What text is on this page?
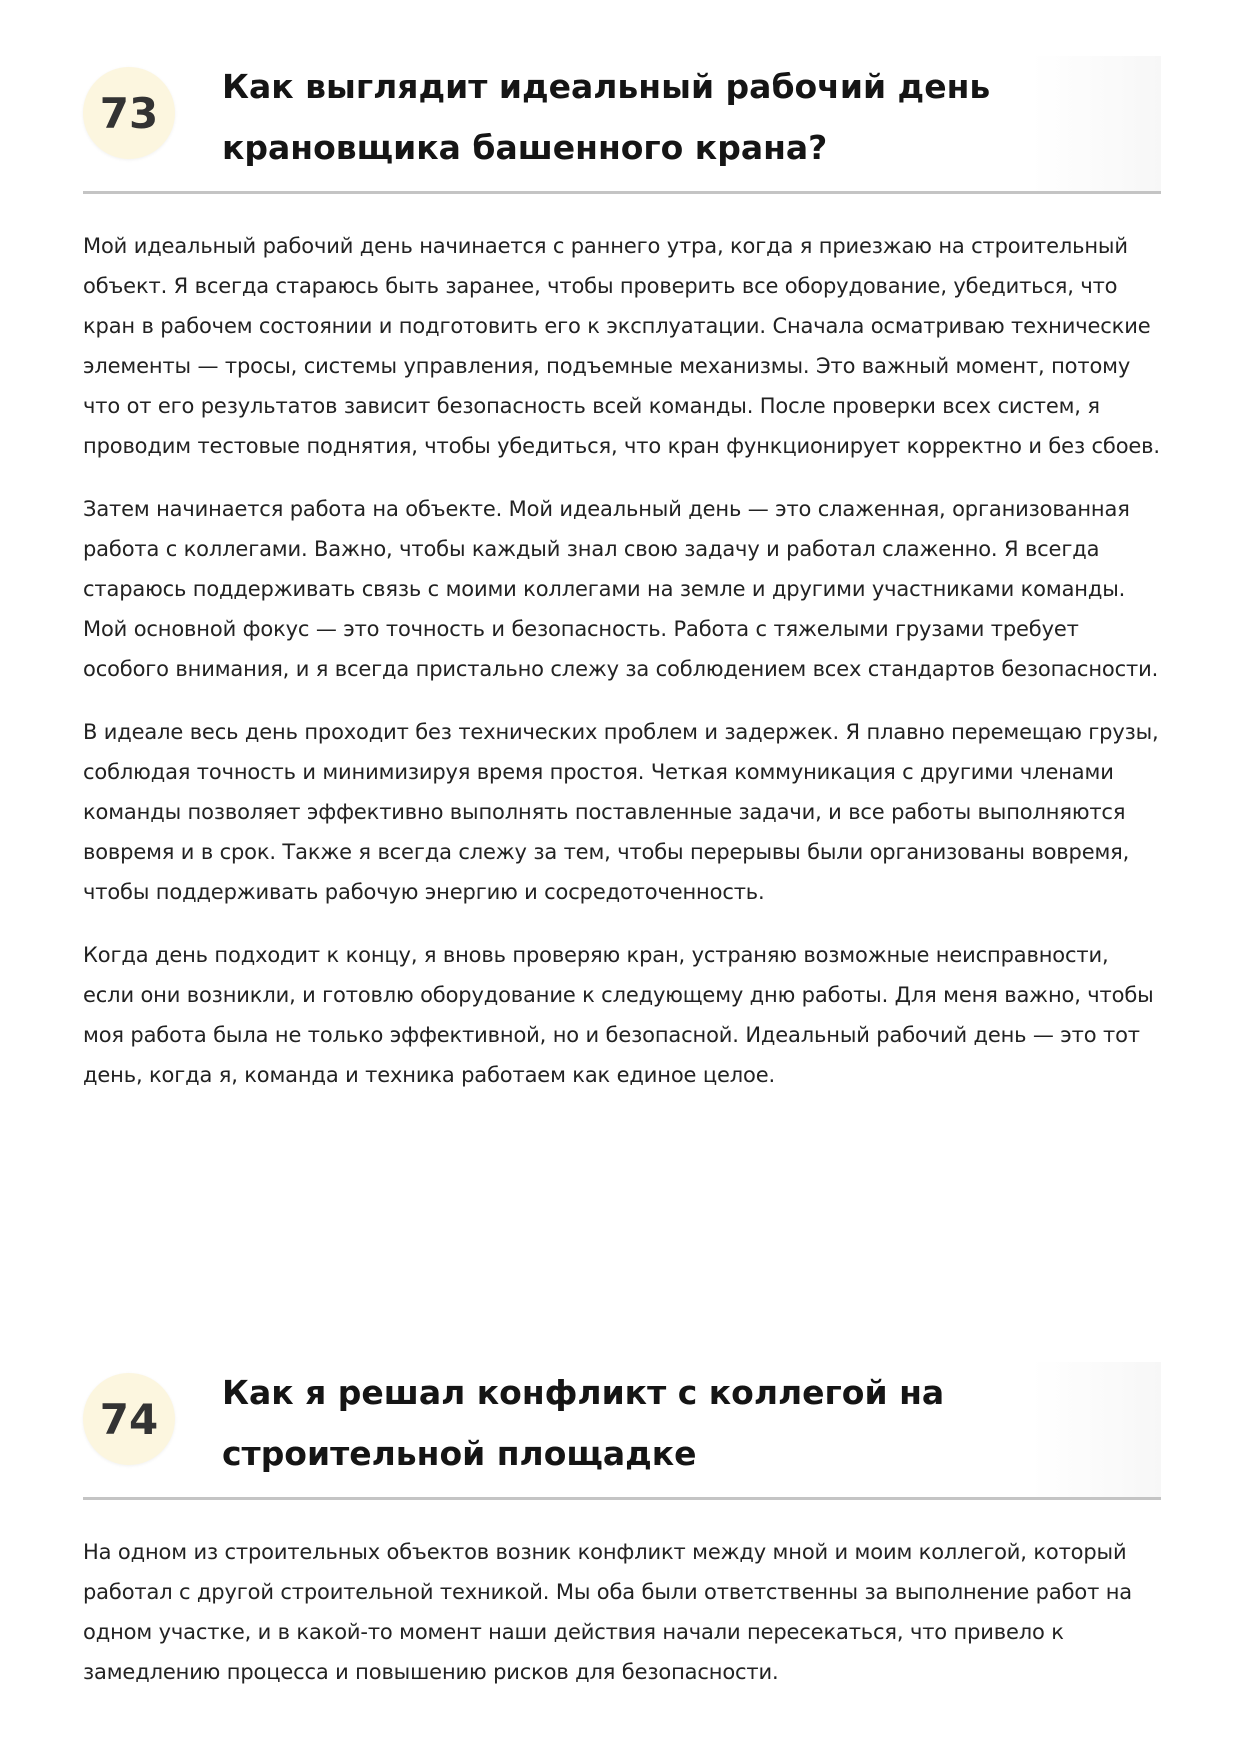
73
Как выглядит идеальный рабочий день крановщика башенного крана?

Мой идеальный рабочий день начинается с раннего утра, когда я приезжаю на строительный объект. Я всегда стараюсь быть заранее, чтобы проверить все оборудование, убедиться, что кран в рабочем состоянии и подготовить его к эксплуатации. Сначала осматриваю технические элементы — тросы, системы управления, подъемные механизмы. Это важный момент, потому что от его результатов зависит безопасность всей команды. После проверки всех систем, я проводим тестовые поднятия, чтобы убедиться, что кран функционирует корректно и без сбоев.

Затем начинается работа на объекте. Мой идеальный день — это слаженная, организованная работа с коллегами. Важно, чтобы каждый знал свою задачу и работал слаженно. Я всегда стараюсь поддерживать связь с моими коллегами на земле и другими участниками команды. Мой основной фокус — это точность и безопасность. Работа с тяжелыми грузами требует особого внимания, и я всегда пристально слежу за соблюдением всех стандартов безопасности.

В идеале весь день проходит без технических проблем и задержек. Я плавно перемещаю грузы, соблюдая точность и минимизируя время простоя. Четкая коммуникация с другими членами команды позволяет эффективно выполнять поставленные задачи, и все работы выполняются вовремя и в срок. Также я всегда слежу за тем, чтобы перерывы были организованы вовремя, чтобы поддерживать рабочую энергию и сосредоточенность.

Когда день подходит к концу, я вновь проверяю кран, устраняю возможные неисправности, если они возникли, и готовлю оборудование к следующему дню работы. Для меня важно, чтобы моя работа была не только эффективной, но и безопасной. Идеальный рабочий день — это тот день, когда я, команда и техника работаем как единое целое.

74
Как я решал конфликт с коллегой на строительной площадке

На одном из строительных объектов возник конфликт между мной и моим коллегой, который работал с другой строительной техникой. Мы оба были ответственны за выполнение работ на одном участке, и в какой-то момент наши действия начали пересекаться, что привело к замедлению процесса и повышению рисков для безопасности.
